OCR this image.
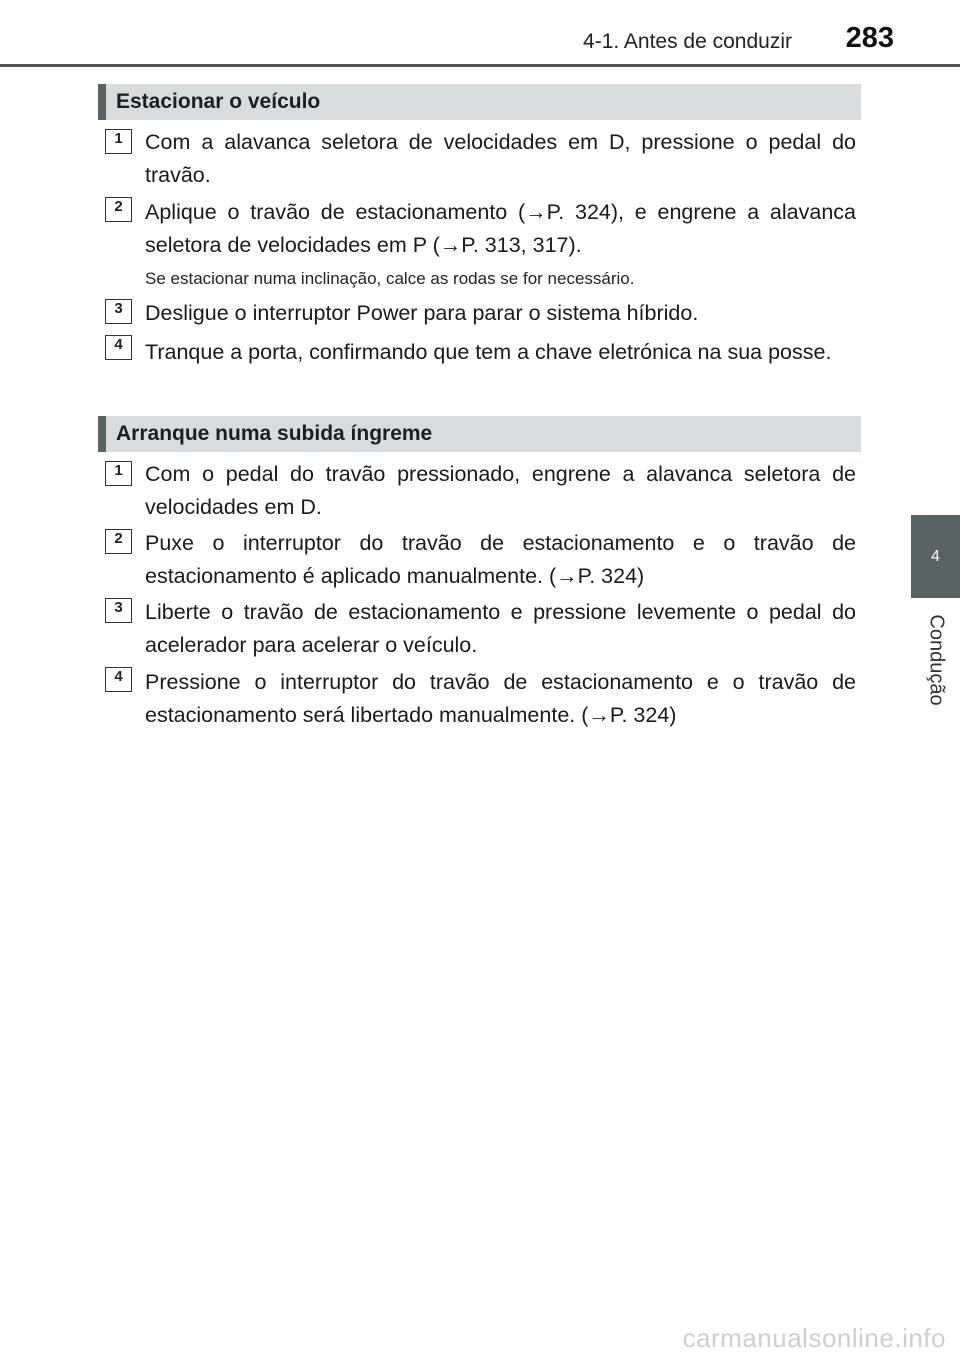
4-1. Antes de conduzir 283
4
Condução
Estacionar o veículo
1	Com a alavanca seletora de velocidades em D, pressione o pedal do travão.
2	Aplique o travão de estacionamento (→P. 324), e engrene a alavanca seletora de velocidades em P (→P. 313, 317).
Se estacionar numa inclinação, calce as rodas se for necessário.
3	Desligue o interruptor Power para parar o sistema híbrido.
4	Tranque a porta, confirmando que tem a chave eletrónica na sua posse.
Arranque numa subida íngreme
1	Com o pedal do travão pressionado, engrene a alavanca seletora de velocidades em D.
2	Puxe o interruptor do travão de estacionamento e o travão de estacionamento é aplicado manualmente. (→P. 324)
3	Liberte o travão de estacionamento e pressione levemente o pedal do acelerador para acelerar o veículo.
4	Pressione o interruptor do travão de estacionamento e o travão de estacionamento será libertado manualmente. (→P. 324)
carmanualsonline.info
